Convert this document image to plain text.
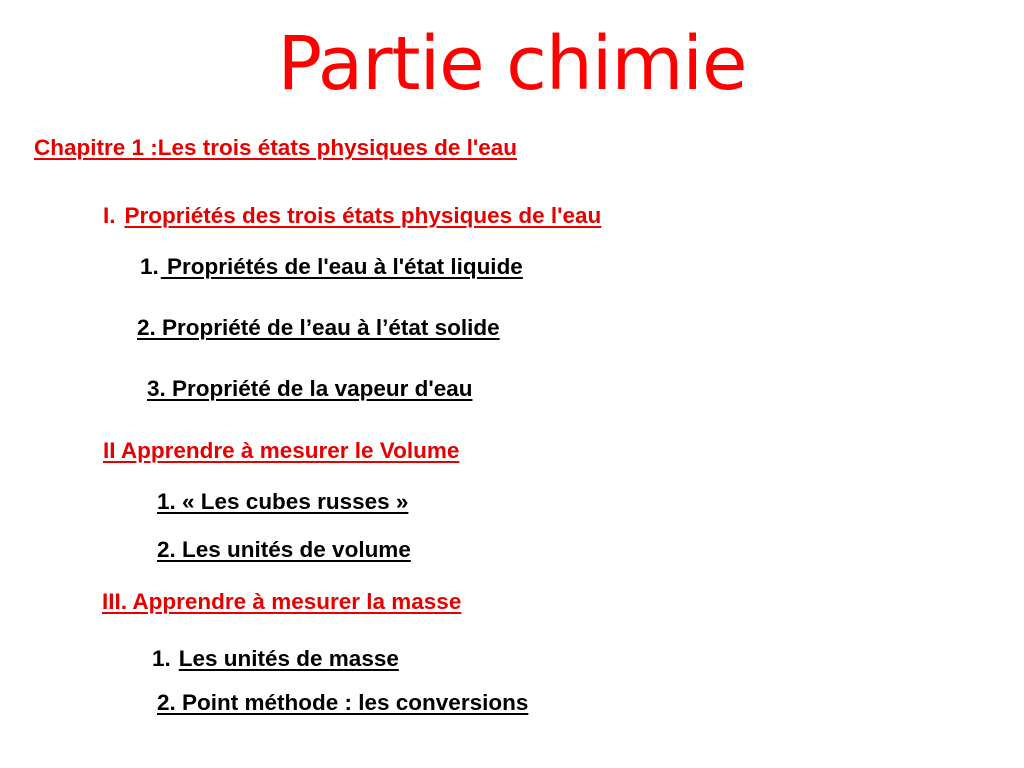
Partie chimie
Chapitre 1 :Les trois états physiques de l'eau
I. Propriétés des trois états physiques de l'eau
1. Propriétés de l'eau à l'état liquide
2. Propriété de l’eau à l’état solide
3. Propriété de la vapeur d'eau
II Apprendre à mesurer le Volume
1. « Les cubes russes »
2. Les unités de volume
III. Apprendre à mesurer la masse
1. Les unités de masse
2. Point méthode : les conversions
